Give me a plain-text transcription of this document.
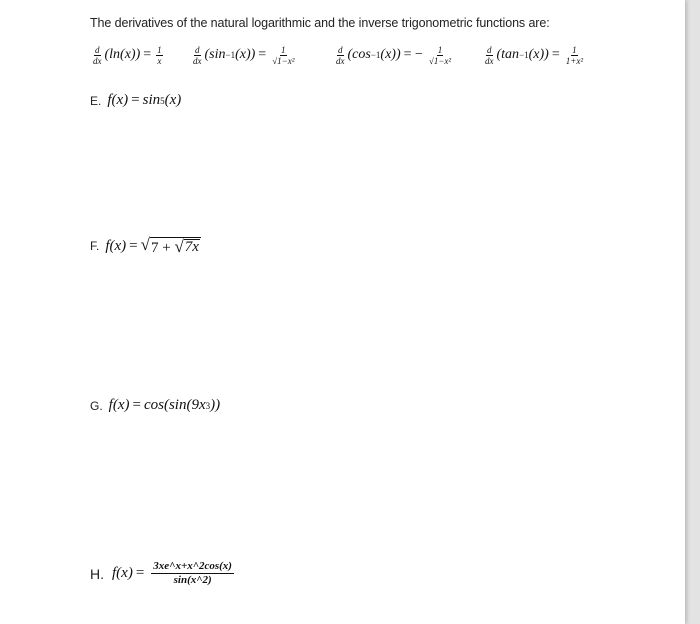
The derivatives of the natural logarithmic and the inverse trigonometric functions are:
$\frac{d}{dx} (\ln(x)) = \frac{1}{x}$	$\frac{d}{dx} (\sin -1$ $(x)) = \frac{1}{\text{√1−x²}}$	$\frac{d}{dx} (\cos -1$ (x)) = − $\frac{1}{\text{√1−x²}}$	$\frac{d}{dx} (\tan -1$ $(x)) = \frac{1}{\text{1+x²}}$
E. f(x) = sin 5 (x)
F. f(x) = √ 7 + √ 7x
G. f(x) = cos(sin(9x 3 ))
H. $f(x) = \frac{3xe\^{}x+x\^{}2\cos(x)}{\sin(x\^{}2)}$
